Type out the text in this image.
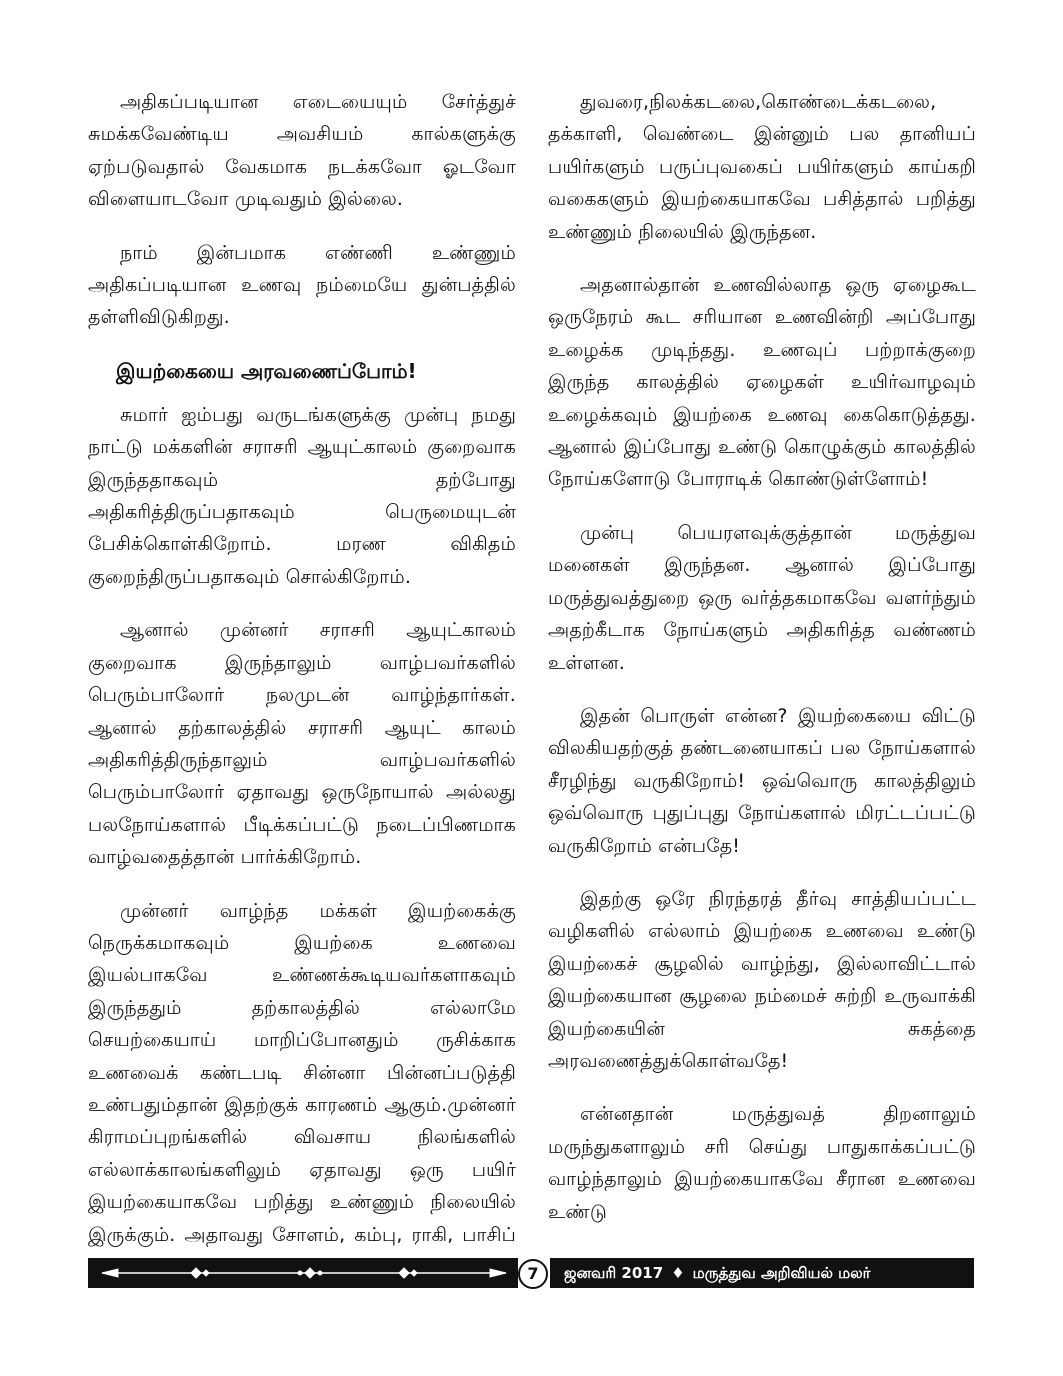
அதிகப்படியான எடையையும் சேர்த்துச் சுமக்கவேண்டிய அவசியம் கால்களுக்கு ஏற்படுவதால் வேகமாக நடக்கவோ ஓடவோ விளையாடவோ முடிவதும் இல்லை.

நாம் இன்பமாக எண்ணி உண்ணும் அதிகப்படியான உணவு நம்மையே துன்பத்தில் தள்ளிவிடுகிறது.

இயற்கையை அரவணைப்போம்!

சுமார் ஐம்பது வருடங்களுக்கு முன்பு நமது நாட்டு மக்களின் சராசரி ஆயுட்காலம் குறைவாக இருந்ததாகவும் தற்போது அதிகரித்திருப்பதாகவும் பெருமையுடன் பேசிக்கொள்கிறோம். மரண விகிதம் குறைந்திருப்பதாகவும் சொல்கிறோம்.

ஆனால் முன்னர் சராசரி ஆயுட்காலம் குறைவாக இருந்தாலும் வாழ்பவர்களில் பெரும்பாலோர் நலமுடன் வாழ்ந்தார்கள். ஆனால் தற்காலத்தில் சராசரி ஆயுட் காலம் அதிகரித்திருந்தாலும் வாழ்பவர்களில் பெரும்பாலோர் ஏதாவது ஒருநோயால் அல்லது பலநோய்களால் பீடிக்கப்பட்டு நடைப்பிணமாக வாழ்வதைத்தான் பார்க்கிறோம்.

முன்னர் வாழ்ந்த மக்கள் இயற்கைக்கு நெருக்கமாகவும் இயற்கை உணவை இயல்பாகவே உண்ணக்கூடியவர்களாகவும் இருந்ததும் தற்காலத்தில் எல்லாமே செயற்கையாய் மாறிப்போனதும் ருசிக்காக உணவைக் கண்டபடி சின்னா பின்னப்படுத்தி உண்பதும்தான் இதற்குக் காரணம் ஆகும்.முன்னர் கிராமப்புறங்களில் விவசாய நிலங்களில் எல்லாக்காலங்களிலும் ஏதாவது ஒரு பயிர் இயற்கையாகவே பறித்து உண்ணும் நிலையில் இருக்கும். அதாவது சோளம், கம்பு, ராகி, பாசிப்

துவரை,நிலக்கடலை,கொண்டைக்கடலை, தக்காளி, வெண்டை இன்னும் பல தானியப் பயிர்களும் பருப்புவகைப் பயிர்களும் காய்கறி வகைகளும் இயற்கையாகவே பசித்தால் பறித்து உண்ணும் நிலையில் இருந்தன.

அதனால்தான் உணவில்லாத ஒரு ஏழைகூட ஒருநேரம் கூட சரியான உணவின்றி அப்போது உழைக்க முடிந்தது. உணவுப் பற்றாக்குறை இருந்த காலத்தில் ஏழைகள் உயிர்வாழவும் உழைக்கவும் இயற்கை உணவு கைகொடுத்தது. ஆனால் இப்போது உண்டு கொழுக்கும் காலத்தில் நோய்களோடு போராடிக் கொண்டுள்ளோம்!

முன்பு பெயரளவுக்குத்தான் மருத்துவ மனைகள் இருந்தன. ஆனால் இப்போது மருத்துவத்துறை ஒரு வர்த்தகமாகவே வளர்ந்தும் அதற்கீடாக நோய்களும் அதிகரித்த வண்ணம் உள்ளன.

இதன் பொருள் என்ன? இயற்கையை விட்டு விலகியதற்குத் தண்டனையாகப் பல நோய்களால் சீரழிந்து வருகிறோம்! ஒவ்வொரு காலத்திலும் ஒவ்வொரு புதுப்புது நோய்களால் மிரட்டப்பட்டு வருகிறோம் என்பதே!

இதற்கு ஒரே நிரந்தரத் தீர்வு சாத்தியப்பட்ட வழிகளில் எல்லாம் இயற்கை உணவை உண்டு இயற்கைச் சூழலில் வாழ்ந்து, இல்லாவிட்டால் இயற்கையான சூழலை நம்மைச் சுற்றி உருவாக்கி இயற்கையின் சுகத்தை அரவணைத்துக்கொள்வதே!

என்னதான் மருத்துவத் திறனாலும் மருந்துகளாலும் சரி செய்து பாதுகாக்கப்பட்டு வாழ்ந்தாலும் இயற்கையாகவே சீரான உணவை உண்டு

7	ஜனவரி 2017 ♦ மருத்துவ அறிவியல் மலர்
